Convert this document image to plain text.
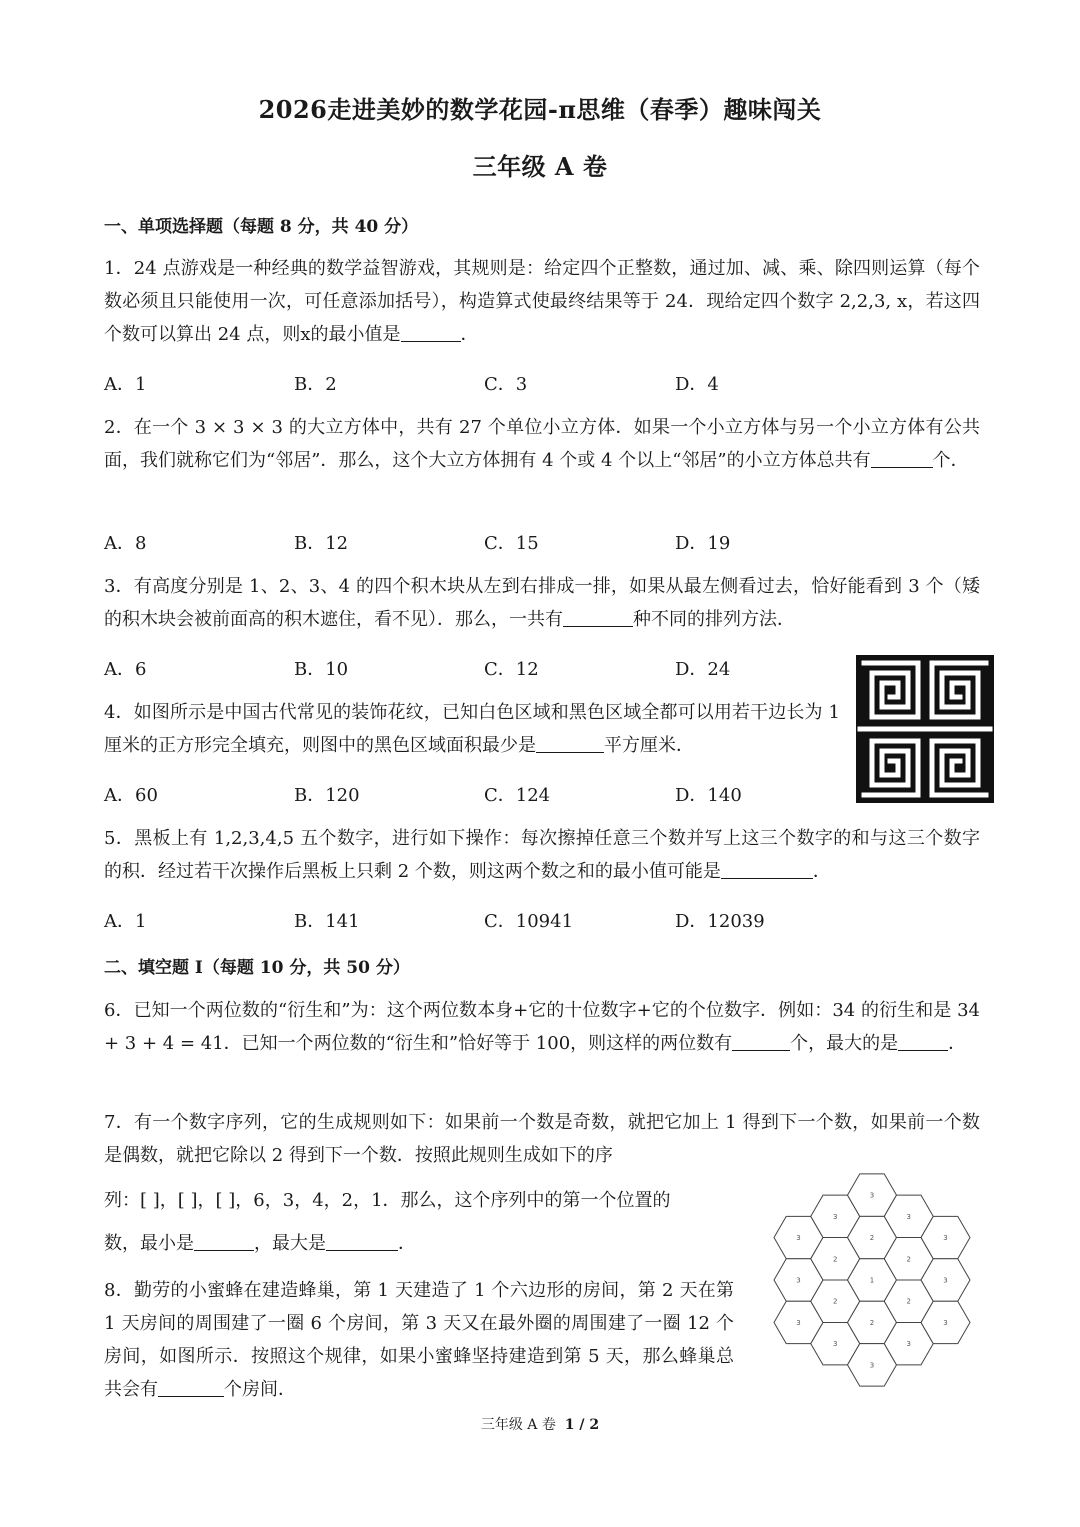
2026走进美妙的数学花园-π思维（春季）趣味闯关
三年级 A 卷
一、单项选择题（每题 8 分，共 40 分）
1．24 点游戏是一种经典的数学益智游戏，其规则是：给定四个正整数，通过加、减、乘、除四则运算（每个数必须且只能使用一次，可任意添加括号），构造算式使最终结果等于 24．现给定四个数字 2,2,3, x，若这四个数可以算出 24 点，则x的最小值是	．
A．1	B．2	C．3	D．4
2．在一个 3 × 3 × 3 的大立方体中，共有 27 个单位小立方体．如果一个小立方体与另一个小立方体有公共面，我们就称它们为“邻居”．那么，这个大立方体拥有 4 个或 4 个以上“邻居”的小立方体总共有	个．
A．8	B．12	C．15	D．19
3．有高度分别是 1、2、3、4 的四个积木块从左到右排成一排，如果从最左侧看过去，恰好能看到 3 个（矮的积木块会被前面高的积木遮住，看不见）．那么，一共有	种不同的排列方法．
A．6	B．10	C．12	D．24
4．如图所示是中国古代常见的装饰花纹，已知白色区域和黑色区域全都可以用若干边长为 1 厘米的正方形完全填充，则图中的黑色区域面积最少是	平方厘米．
A．60	B．120	C．124	D．140
5．黑板上有 1,2,3,4,5 五个数字，进行如下操作：每次擦掉任意三个数并写上这三个数字的和与这三个数字的积．经过若干次操作后黑板上只剩 2 个数，则这两个数之和的最小值可能是	．
A．1	B．141	C．10941	D．12039
二、填空题 I（每题 10 分，共 50 分）
6．已知一个两位数的“衍生和”为：这个两位数本身+它的十位数字+它的个位数字．例如：34 的衍生和是 34 + 3 + 4 = 41．已知一个两位数的“衍生和”恰好等于 100，则这样的两位数有	个，最大的是	．
7．有一个数字序列，它的生成规则如下：如果前一个数是奇数，就把它加上 1 得到下一个数，如果前一个数是偶数，就把它除以 2 得到下一个数．按照此规则生成如下的序
列：[ ]，[ ]，[ ]，6，3，4，2，1．那么，这个序列中的第一个位置的
数，最小是	，最大是	．
8．勤劳的小蜜蜂在建造蜂巢，第 1 天建造了 1 个六边形的房间，第 2 天在第 1 天房间的周围建了一圈 6 个房间，第 3 天又在最外圈的周围建了一圈 12 个房间，如图所示．按照这个规律，如果小蜜蜂坚持建造到第 5 天，那么蜂巢总共会有	个房间．
3
3
3
3
2
2
3
3
2
1
2
3
3
2
2
3
3
3
3
三年级 A 卷 1 / 2
